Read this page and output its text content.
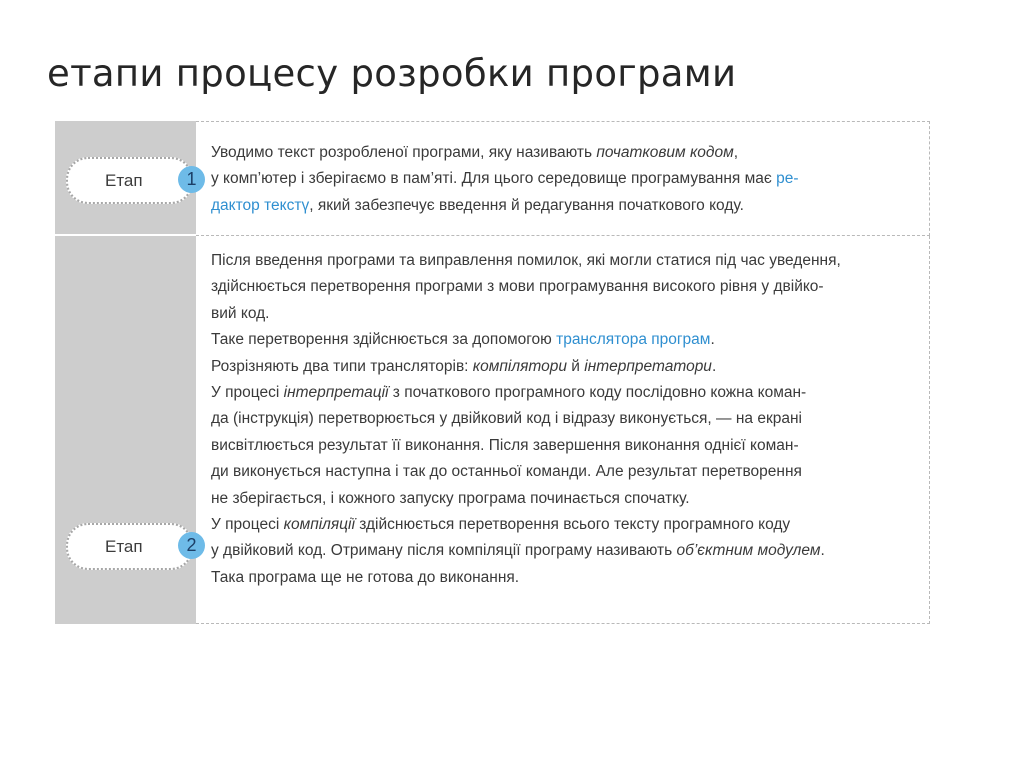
етапи процесу розробки програми
Етап	1

Уводимо текст розробленої програми, яку називають початковим кодом,
у комп’ютер і зберігаємо в пам’яті. Для цього середовище програмування має ре-
дактор текстү, який забезпечує введення й редагування початкового коду.

Етап	2

Після введення програми та виправлення помилок, які могли статися під час уведення,
здійснюється перетворення програми з мови програмування високого рівня у двійко-
вий код.
Таке перетворення здійснюється за допомогою транслятора програм.
Розрізняють два типи трансляторів: компілятори й інтерпретатори.
У процесі інтерпретації з початкового програмного коду послідовно кожна коман-
да (інструкція) перетворюється у двійковий код і відразу виконується, — на екрані
висвітлюється результат її виконання. Після завершення виконання однієї коман-
ди виконується наступна і так до останньої команди. Але результат перетворення
не зберігається, і кожного запуску програма починається спочатку.
У процесі компіляції здійснюється перетворення всього тексту програмного коду
у двійковий код. Отриману після компіляції програму називають об’єктним модулем.
Така програма ще не готова до виконання.
